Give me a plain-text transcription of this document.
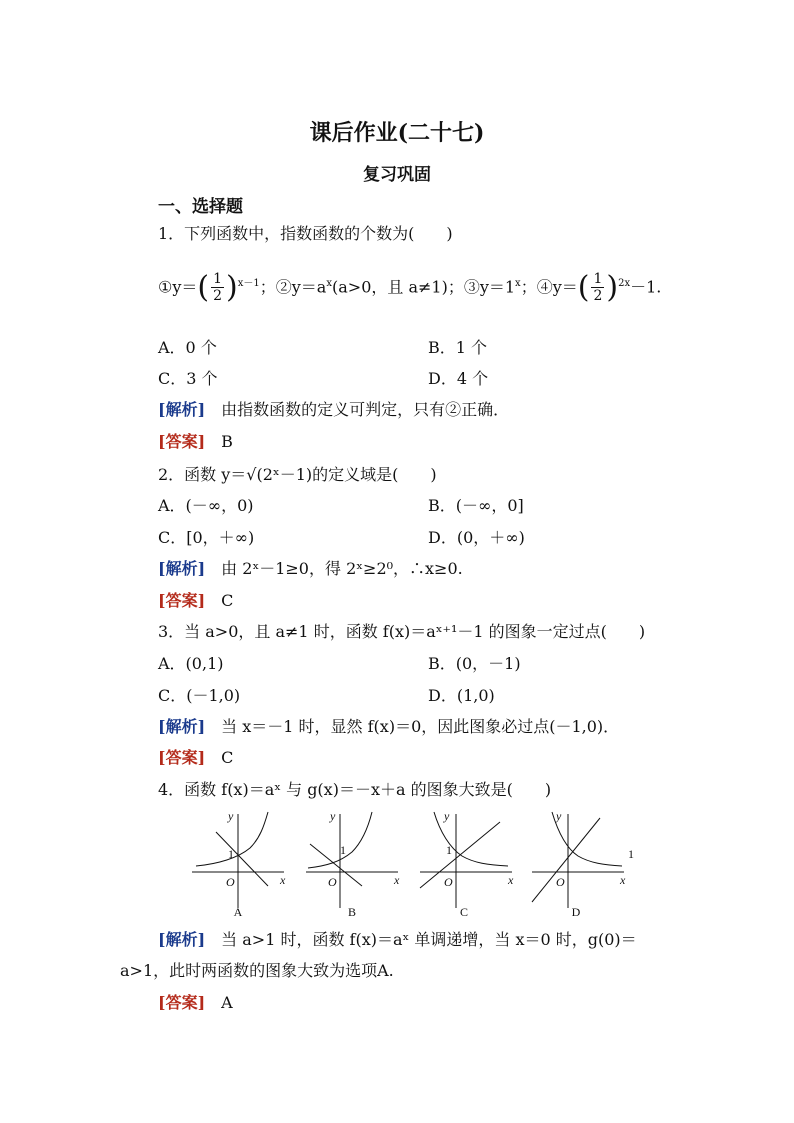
课后作业(二十七)
复习巩固
一、选择题
1．下列函数中，指数函数的个数为(　　)
①y＝( $\frac{1}{2} )^{x-1}$；$②y=a^x(a>0$，且 a≠1)；$③y=1^x$；④y＝( $\frac{1}{2} )^{2x}-1$.
A．0 个	B．1 个
C．3 个	D．4 个
[解析]　 由指数函数的定义可判定，只有②正确．
[答案]　 B
2．函数 y＝√(2ˣ－1)的定义域是(　　)
A．(－∞，0)	B．(－∞，0]
C．[0，＋∞)	D．(0，＋∞)
[解析]　 由 2ˣ－1≥0，得 2ˣ≥2⁰，∴x≥0.
[答案]　 C
3．当 a>0，且 a≠1 时，函数 f(x)＝aˣ⁺¹－1 的图象一定过点(　　)
A．(0,1)	B．(0，－1)
C．(－1,0)	D．(1,0)
[解析]　 当 x＝－1 时，显然 f(x)＝0，因此图象必过点(－1,0)．
[答案]　 C
4．函数 f(x)＝aˣ 与 g(x)＝－x＋a 的图象大致是(　　)
y
x
O
1
y
x
O
1
y
x
O
1
y
x
O
1
A	B	C	D
[解析]　 当 a>1 时，函数 f(x)＝aˣ 单调递增，当 x＝0 时，g(0)＝
a>1，此时两函数的图象大致为选项A.
[答案]　 A
